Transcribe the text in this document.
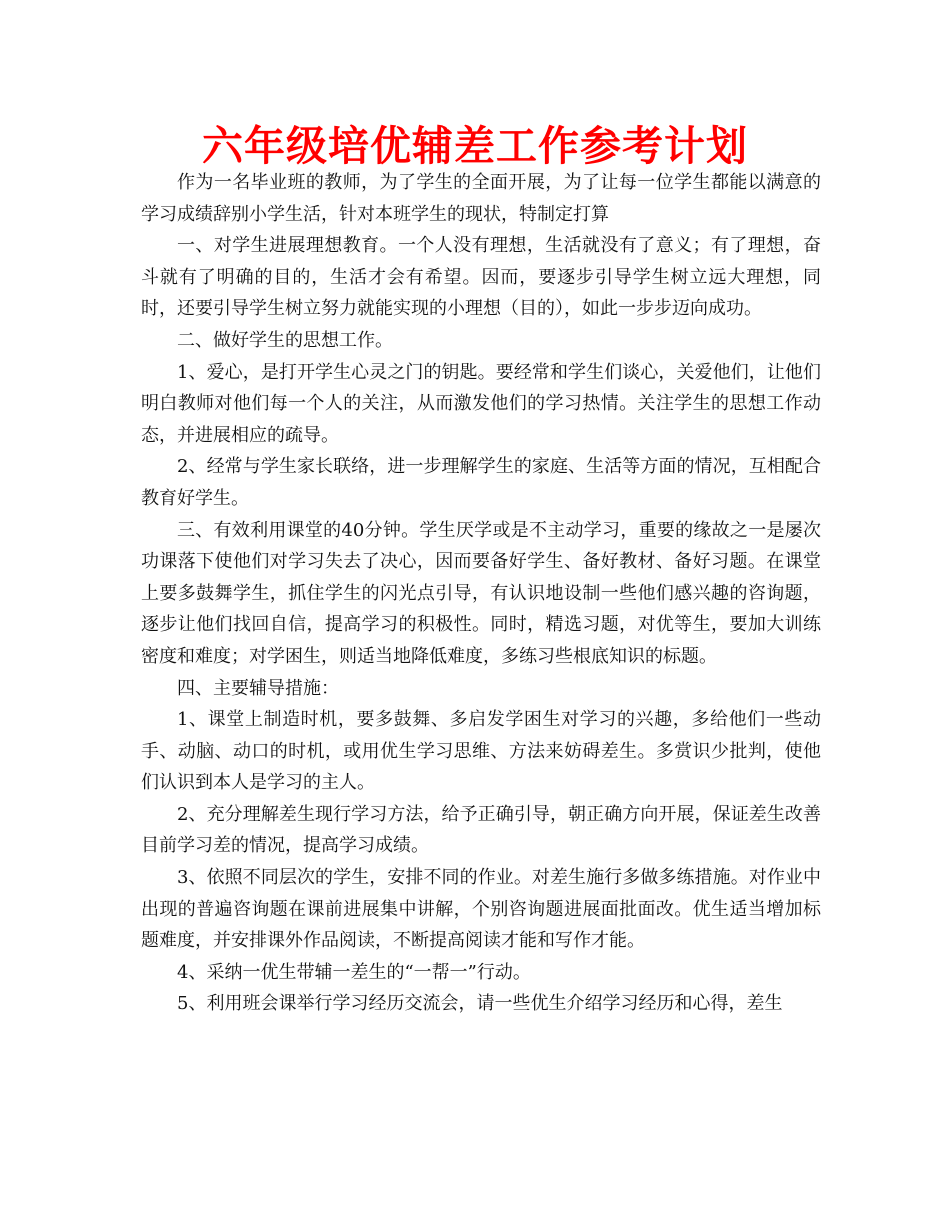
六年级培优辅差工作参考计划

作为一名毕业班的教师，为了学生的全面开展，为了让每一位学生都能以满意的学习成绩辞别小学生活，针对本班学生的现状，特制定打算

一、对学生进展理想教育。一个人没有理想，生活就没有了意义；有了理想，奋斗就有了明确的目的，生活才会有希望。因而，要逐步引导学生树立远大理想，同时，还要引导学生树立努力就能实现的小理想（目的），如此一步步迈向成功。

二、做好学生的思想工作。

1、爱心，是打开学生心灵之门的钥匙。要经常和学生们谈心，关爱他们，让他们明白教师对他们每一个人的关注，从而激发他们的学习热情。关注学生的思想工作动态，并进展相应的疏导。

2、经常与学生家长联络，进一步理解学生的家庭、生活等方面的情况，互相配合教育好学生。

三、有效利用课堂的40分钟。学生厌学或是不主动学习，重要的缘故之一是屡次功课落下使他们对学习失去了决心，因而要备好学生、备好教材、备好习题。在课堂上要多鼓舞学生，抓住学生的闪光点引导，有认识地设制一些他们感兴趣的咨询题，逐步让他们找回自信，提高学习的积极性。同时，精选习题，对优等生，要加大训练密度和难度；对学困生，则适当地降低难度，多练习些根底知识的标题。

四、主要辅导措施：

1、课堂上制造时机，要多鼓舞、多启发学困生对学习的兴趣，多给他们一些动手、动脑、动口的时机，或用优生学习思维、方法来妨碍差生。多赏识少批判，使他们认识到本人是学习的主人。

2、充分理解差生现行学习方法，给予正确引导，朝正确方向开展，保证差生改善目前学习差的情况，提高学习成绩。

3、依照不同层次的学生，安排不同的作业。对差生施行多做多练措施。对作业中出现的普遍咨询题在课前进展集中讲解，个别咨询题进展面批面改。优生适当增加标题难度，并安排课外作品阅读，不断提高阅读才能和写作才能。

4、采纳一优生带辅一差生的“一帮一”行动。

5、利用班会课举行学习经历交流会，请一些优生介绍学习经历和心得，差生
